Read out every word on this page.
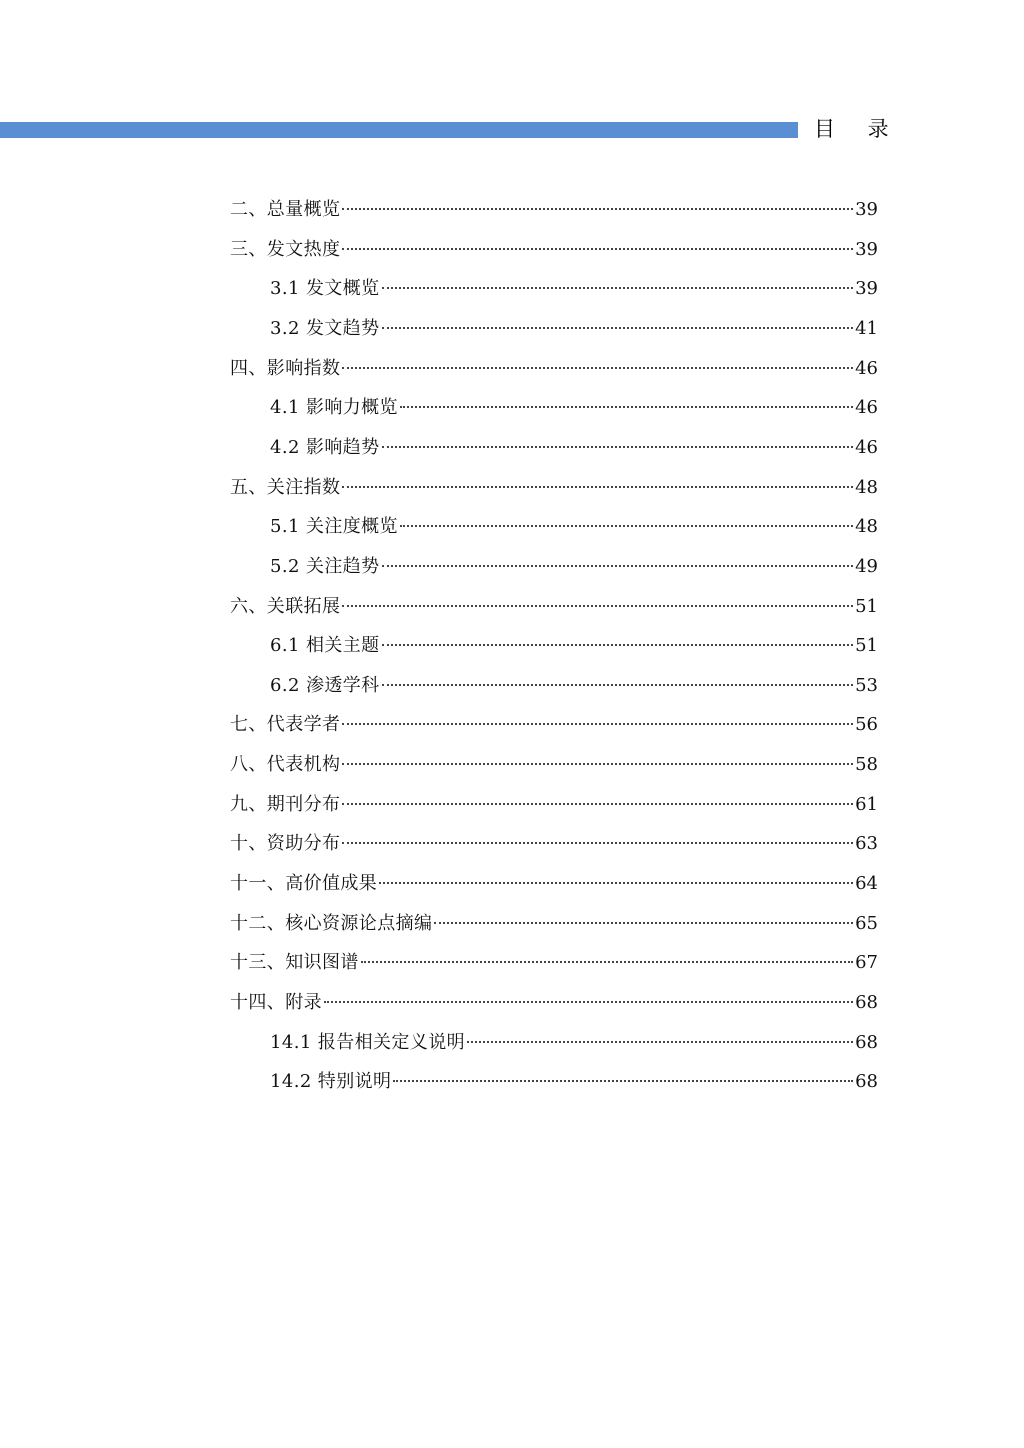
目 录
二、总量概览	39
三、发文热度	39
3.1 发文概览	39
3.2 发文趋势	41
四、影响指数	46
4.1 影响力概览	46
4.2 影响趋势	46
五、关注指数	48
5.1 关注度概览	48
5.2 关注趋势	49
六、关联拓展	51
6.1 相关主题	51
6.2 渗透学科	53
七、代表学者	56
八、代表机构	58
九、期刊分布	61
十、资助分布	63
十一、高价值成果	64
十二、核心资源论点摘编	65
十三、知识图谱	67
十四、附录	68
14.1 报告相关定义说明	68
14.2 特别说明	68
